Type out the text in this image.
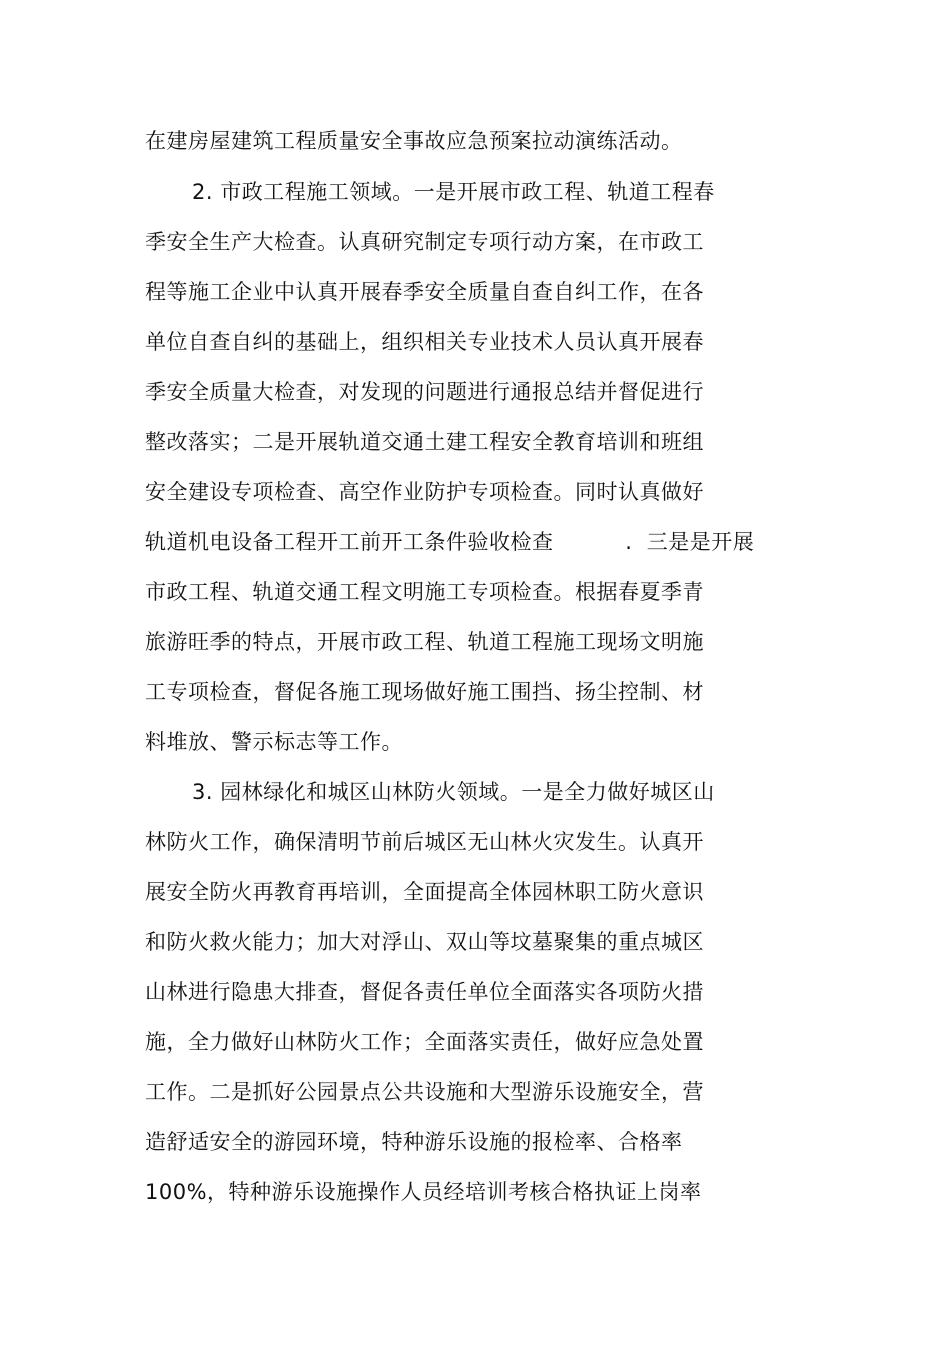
在建房屋建筑工程质量安全事故应急预案拉动演练活动。
2. 市政工程施工领域。一是开展市政工程、轨道工程春
季安全生产大检查。认真研究制定专项行动方案，在市政工
程等施工企业中认真开展春季安全质量自查自纠工作，在各
单位自查自纠的基础上，组织相关专业技术人员认真开展春
季安全质量大检查，对发现的问题进行通报总结并督促进行
整改落实；二是开展轨道交通土建工程安全教育培训和班组
安全建设专项检查、高空作业防护专项检查。同时认真做好
轨道机电设备工程开工前开工条件验收检查          .  三是是开展
市政工程、轨道交通工程文明施工专项检查。根据春夏季青
旅游旺季的特点，开展市政工程、轨道工程施工现场文明施
工专项检查，督促各施工现场做好施工围挡、扬尘控制、材
料堆放、警示标志等工作。
3. 园林绿化和城区山林防火领域。一是全力做好城区山
林防火工作，确保清明节前后城区无山林火灾发生。认真开
展安全防火再教育再培训，全面提高全体园林职工防火意识
和防火救火能力；加大对浮山、双山等坟墓聚集的重点城区
山林进行隐患大排查，督促各责任单位全面落实各项防火措
施，全力做好山林防火工作；全面落实责任，做好应急处置
工作。二是抓好公园景点公共设施和大型游乐设施安全，营
造舒适安全的游园环境，特种游乐设施的报检率、合格率
100%，特种游乐设施操作人员经培训考核合格执证上岗率
